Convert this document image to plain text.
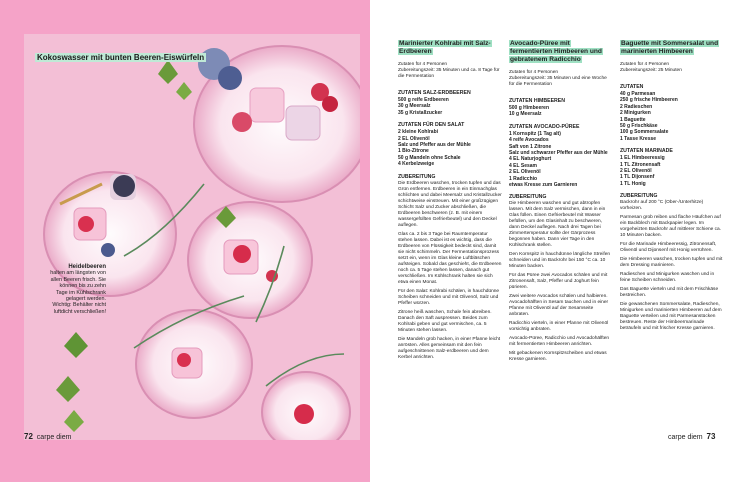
Kokoswasser mit bunten Beeren-Eiswürfeln
Heidelbeeren
halten am längsten von allen Beeren frisch. Sie können bis zu zehn Tage im Kühlschrank gelagert werden. Wichtig: Behälter nicht luftdicht verschließen!
72 carpe diem
Marinierter Kohlrabi mit Salz-Erdbeeren
Zutaten für 4 Personen
Zubereitungszeit: 35 Minuten und ca. 8 Tage für die Fermentation
ZUTATEN SALZ-ERDBEEREN
500 g reife Erdbeeren
30 g Meersalz
35 g Kristallzucker
ZUTATEN FÜR DEN SALAT
2 kleine Kohlrabi
2 EL Olivenöl
Salz und Pfeffer aus der Mühle
1 Bio-Zitrone
50 g Mandeln ohne Schale
4 Kerbelzweige
ZUBEREITUNG
Die Erdbeeren waschen, trocken tupfen und das Grün entfernen. Erdbeeren in ein Einmachglas schlichten und dabei Meersalz und Kristallzucker schichtweise einstreuen. Mit einer großzügigen Schicht Salz und Zucker abschließen, die Erdbeeren beschweren (z. B. mit einem wassergefüllten Gefrierbeutel) und den Deckel auflegen.
Glas ca. 2 bis 3 Tage bei Raumtemperatur stehen lassen. Dabei ist es wichtig, dass die Erdbeeren von Flüssigkeit bedeckt sind, damit sie nicht schimmeln. Der Fermentationsprozess setzt ein, wenn im Glas kleine Luftbläschen aufsteigen. Sobald das geschieht, die Erdbeeren noch ca. 5 Tage stehen lassen, danach gut verschließen. Im Kühlschrank halten sie sich etwa einen Monat.
Für den Salat: Kohlrabi schälen, in hauchdünne Scheiben schneiden und mit Olivenöl, Salz und Pfeffer würzen.
Zitrone heiß waschen, Schale fein abreiben. Danach den Saft auspressen. Beides zum Kohlrabi geben und gut vermischen, ca. 5 Minuten stehen lassen.
Die Mandeln grob hacken, in einer Pfanne leicht anrösten. Alles gemeinsam mit den fein aufgeschnittenen Salz-erdbeeren und dem Kerbel anrichten.
Avocado-Püree mit fermentierten Himbeeren und gebratenem Radicchio
Zutaten für 4 Personen
Zubereitungszeit: 35 Minuten und eine Woche für die Fermentation
ZUTATEN HIMBEEREN
500 g Himbeeren
10 g Meersalz
ZUTATEN AVOCADO-PÜREE
1 Kornspitz (1 Tag alt)
4 reife Avocados
Saft von 1 Zitrone
Salz und schwarzer Pfeffer aus der Mühle
4 EL Naturjoghurt
4 EL Sesam
2 EL Olivenöl
1 Radicchio
etwas Kresse zum Garnieren
ZUBEREITUNG
Die Himbeeren waschen und gut abtropfen lassen. Mit dem Salz vermischen, dann in ein Glas füllen. Einen Gefrierbeutel mit Wasser befüllen, um den Glasinhalt zu beschweren, dann Deckel auflegen. Nach drei Tagen bei Zimmertemperatur sollte der Gärprozess begonnen haben. Dann vier Tage in den Kühlschrank stellen.
Den Kornspitz in hauchdünne längliche Streifen schneiden und im Backrohr bei 150 °C ca. 10 Minuten backen.
Für das Püree zwei Avocados schälen und mit Zitronensaft, Salz, Pfeffer und Joghurt fein pürieren.
Zwei weitere Avocados schälen und halbieren. Avocadohälften in Sesam tauchen und in einer Pfanne mit Olivenöl auf der Sesamseite anbraten.
Radicchio vierteln, in einer Pfanne mit Olivenöl vorsichtig anbraten.
Avocado-Püree, Radicchio und Avocadohälften mit fermentierten Himbeeren anrichten.
Mit gebackenen Kornspitzscheiben und etwas Kresse garnieren.
Baguette mit Sommersalat und marinierten Himbeeren
Zutaten für 4 Personen
Zubereitungszeit: 25 Minuten
ZUTATEN
40 g Parmesan
250 g frische Himbeeren
2 Radieschen
2 Minigurken
1 Baguette
50 g Frischkäse
100 g Sommersalate
1 Tasse Kresse
ZUTATEN MARINADE
1 EL Himbeeressig
1 TL Zitronensaft
2 EL Olivenöl
1 TL Dijonsenf
1 TL Honig
ZUBEREITUNG
Backrohr auf 200 °C (Ober-/Unterhitze) vorheizen.
Parmesan grob reiben und flache Häufchen auf ein Backblech mit Backpapier legen. Im vorgeheizten Backrohr auf mittlerer Schiene ca. 10 Minuten backen.
Für die Marinade Himbeeressig, Zitronensaft, Olivenöl und Dijonsenf mit Honig verrühren.
Die Himbeeren waschen, trocken tupfen und mit dem Dressing marinieren.
Radieschen und Minigurken waschen und in feine Scheiben schneiden.
Das Baguette vierteln und mit dem Frischkäse bestreichen.
Die gewaschenen Sommersalate, Radieschen, Minigurken und marinierten Himbeeren auf dem Baguette verteilen und mit Parmesanstücken bestreuen. Reste der Himbeermarinade beträufeln und mit frischer Kresse garnieren.
carpe diem 73
